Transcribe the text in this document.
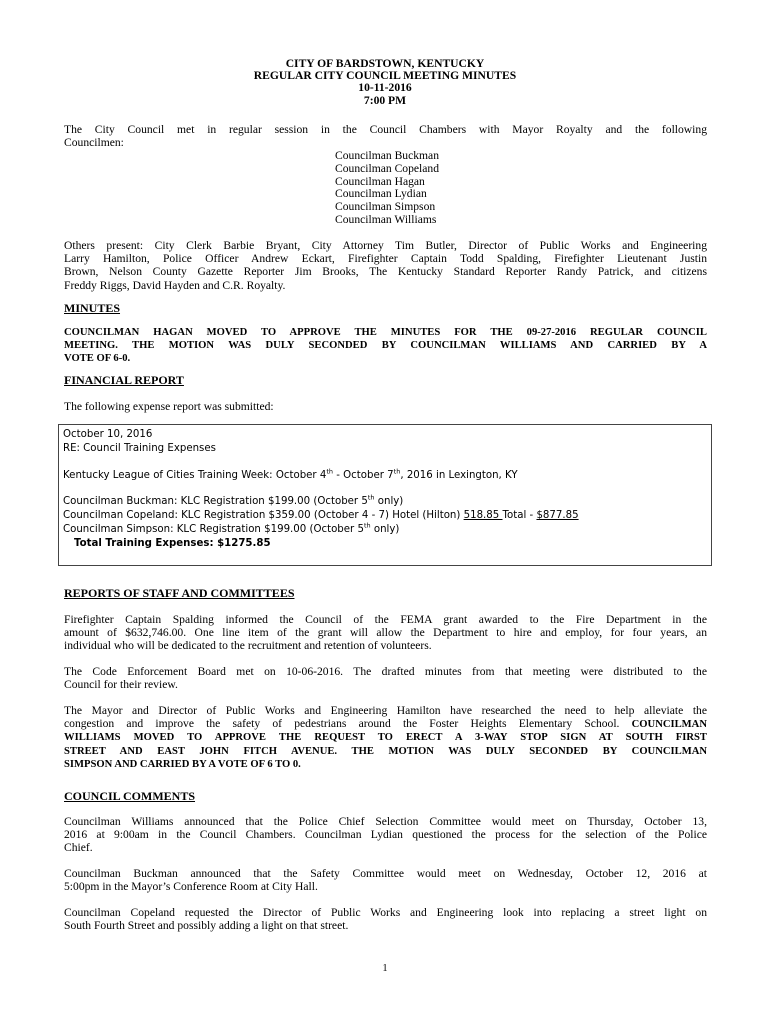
CITY OF BARDSTOWN, KENTUCKY
REGULAR CITY COUNCIL MEETING MINUTES
10-11-2016
7:00 PM
The City Council met in regular session in the Council Chambers with Mayor Royalty and the following
Councilmen:
Councilman Buckman
Councilman Copeland
Councilman Hagan
Councilman Lydian
Councilman Simpson
Councilman Williams
Others present: City Clerk Barbie Bryant, City Attorney Tim Butler, Director of Public Works and Engineering
Larry Hamilton, Police Officer Andrew Eckart, Firefighter Captain Todd Spalding, Firefighter Lieutenant Justin
Brown, Nelson County Gazette Reporter Jim Brooks, The Kentucky Standard Reporter Randy Patrick, and citizens
Freddy Riggs, David Hayden and C.R. Royalty.
MINUTES
COUNCILMAN HAGAN MOVED TO APPROVE THE MINUTES FOR THE 09-27-2016 REGULAR COUNCIL
MEETING. THE MOTION WAS DULY SECONDED BY COUNCILMAN WILLIAMS AND CARRIED BY A
VOTE OF 6-0.
FINANCIAL REPORT
The following expense report was submitted:
October 10, 2016
RE: Council Training Expenses
Kentucky League of Cities Training Week: October 4th - October 7th, 2016 in Lexington, KY
Councilman Buckman: KLC Registration $199.00 (October 5th only)
Councilman Copeland: KLC Registration $359.00 (October 4 - 7) Hotel (Hilton) 518.85 Total - $877.85
Councilman Simpson: KLC Registration $199.00 (October 5th only)
Total Training Expenses: $1275.85
REPORTS OF STAFF AND COMMITTEES
Firefighter Captain Spalding informed the Council of the FEMA grant awarded to the Fire Department in the
amount of $632,746.00. One line item of the grant will allow the Department to hire and employ, for four years, an
individual who will be dedicated to the recruitment and retention of volunteers.
The Code Enforcement Board met on 10-06-2016. The drafted minutes from that meeting were distributed to the
Council for their review.
The Mayor and Director of Public Works and Engineering Hamilton have researched the need to help alleviate the
congestion and improve the safety of pedestrians around the Foster Heights Elementary School. COUNCILMAN
WILLIAMS MOVED TO APPROVE THE REQUEST TO ERECT A 3-WAY STOP SIGN AT SOUTH FIRST
STREET AND EAST JOHN FITCH AVENUE. THE MOTION WAS DULY SECONDED BY COUNCILMAN
SIMPSON AND CARRIED BY A VOTE OF 6 TO 0.
COUNCIL COMMENTS
Councilman Williams announced that the Police Chief Selection Committee would meet on Thursday, October 13,
2016 at 9:00am in the Council Chambers. Councilman Lydian questioned the process for the selection of the Police
Chief.
Councilman Buckman announced that the Safety Committee would meet on Wednesday, October 12, 2016 at
5:00pm in the Mayor’s Conference Room at City Hall.
Councilman Copeland requested the Director of Public Works and Engineering look into replacing a street light on
South Fourth Street and possibly adding a light on that street.
1
